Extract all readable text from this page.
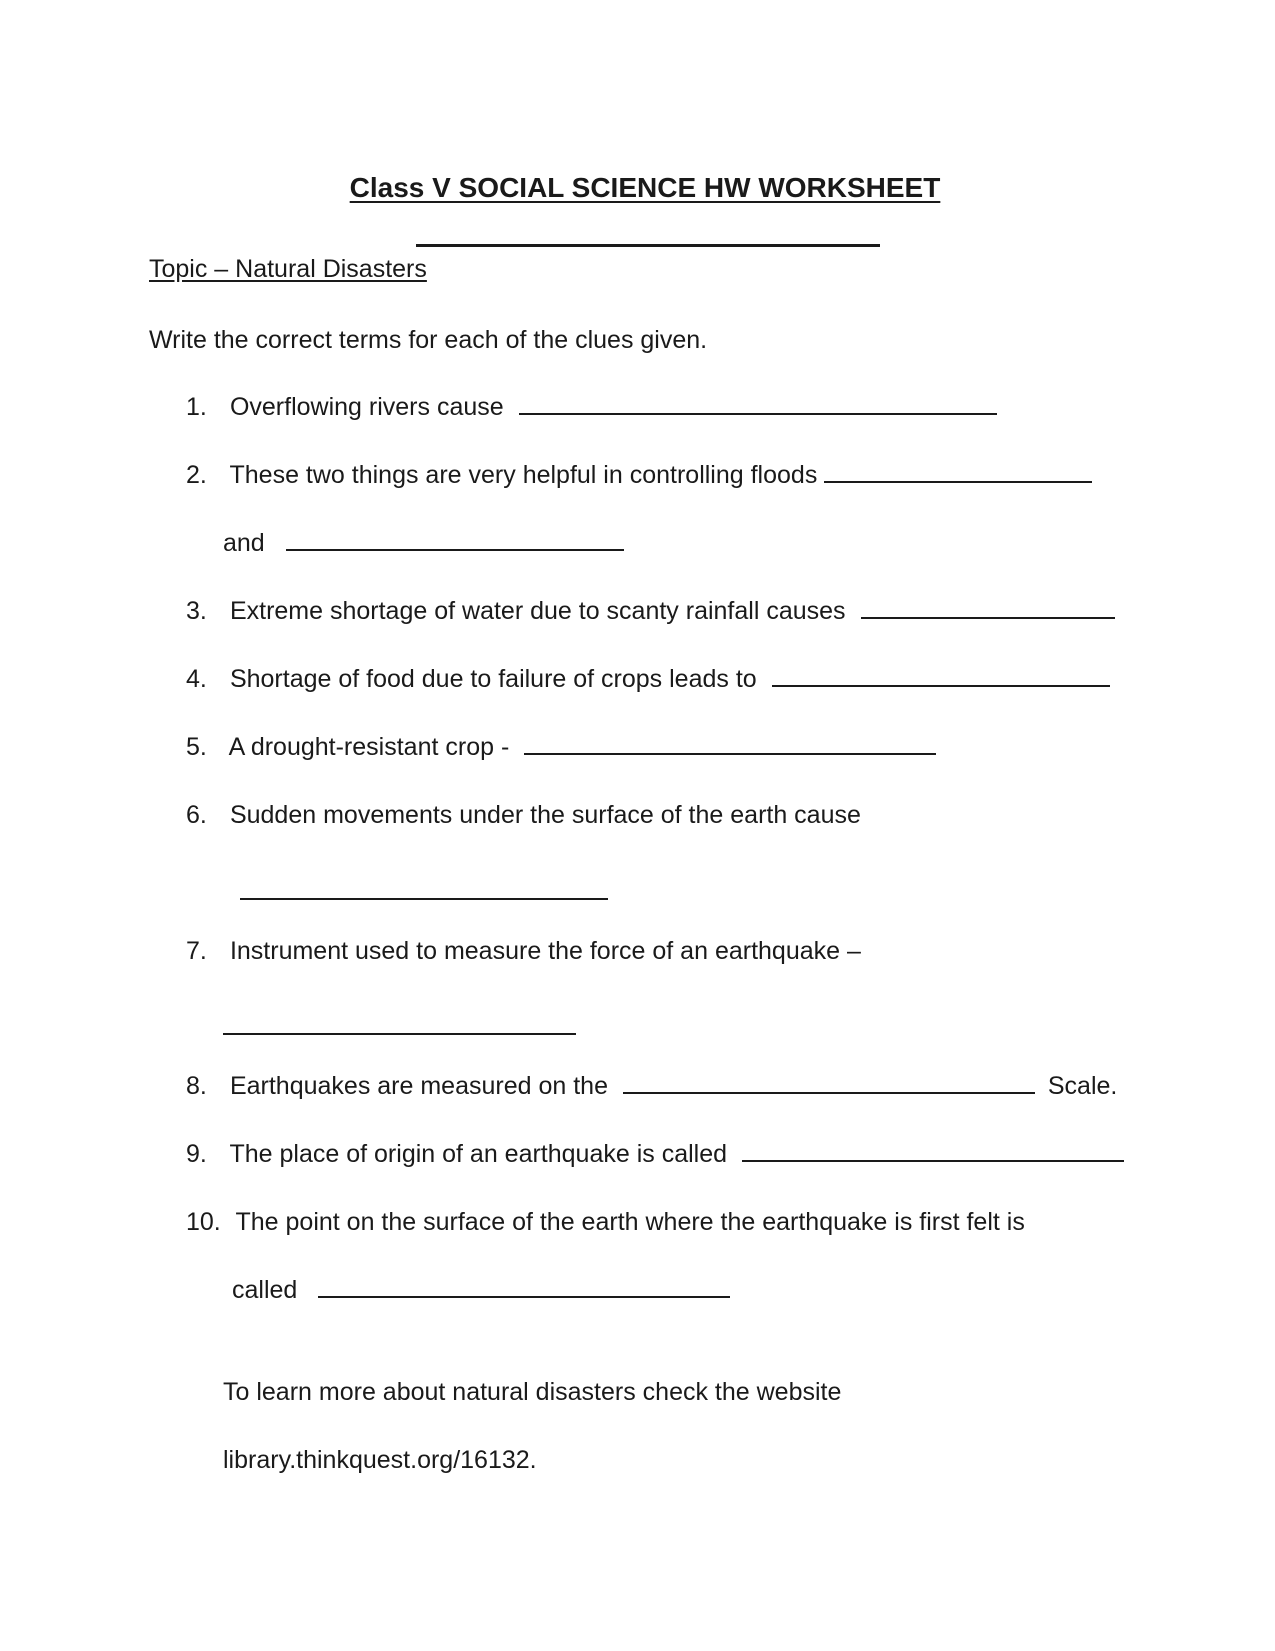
Class V SOCIAL SCIENCE HW WORKSHEET
Topic – Natural Disasters
Write the correct terms for each of the clues given.
1. Overflowing rivers cause
2. These two things are very helpful in controlling floods
and
3. Extreme shortage of water due to scanty rainfall causes
4. Shortage of food due to failure of crops leads to
5. A drought-resistant crop -
6. Sudden movements under the surface of the earth cause
7. Instrument used to measure the force of an earthquake –
8. Earthquakes are measured on the	Scale.
9. The place of origin of an earthquake is called
10. The point on the surface of the earth where the earthquake is first felt is
called
To learn more about natural disasters check the website
library.thinkquest.org/16132.
